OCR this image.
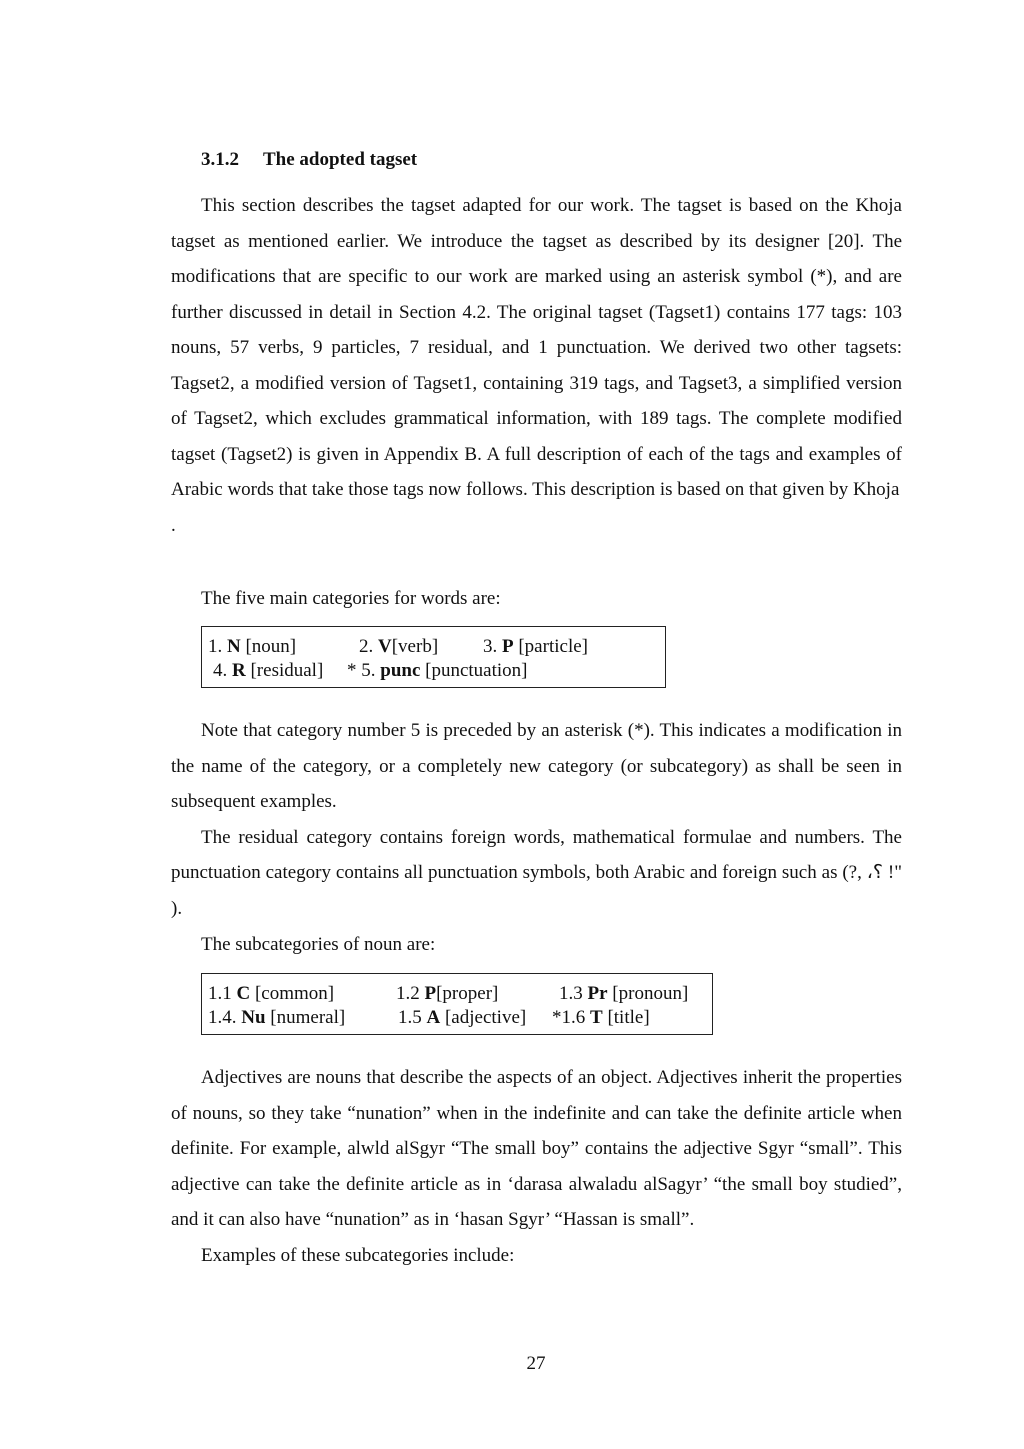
3.1.2 The adopted tagset

This section describes the tagset adapted for our work. The tagset is based on the Khoja tagset as mentioned earlier. We introduce the tagset as described by its designer [20]. The modifications that are specific to our work are marked using an asterisk symbol (*), and are further discussed in detail in Section 4.2. The original tagset (Tagset1) contains 177 tags: 103 nouns, 57 verbs, 9 particles, 7 residual, and 1 punctuation. We derived two other tagsets: Tagset2, a modified version of Tagset1, containing 319 tags, and Tagset3, a simplified version of Tagset2, which excludes grammatical information, with 189 tags. The complete modified tagset (Tagset2) is given in Appendix B. A full description of each of the tags and examples of Arabic words that take those tags now follows. This description is based on that given by Khoja

.

The five main categories for words are:
1. N [noun]	2. V[verb] 3. P [particle]
4. R [residual] * 5. punc [punctuation]

Note that category number 5 is preceded by an asterisk (*). This indicates a modification in the name of the category, or a completely new category (or subcategory) as shall be seen in subsequent examples.

The residual category contains foreign words, mathematical formulae and numbers. The punctuation category contains all punctuation symbols, both Arabic and foreign such as (?, ،؟ !" ).

The subcategories of noun are:
1.1 C [common]	1.2 P[proper]	1.3 Pr [pronoun]
1.4. Nu [numeral]	1.5 A [adjective] *1.6 T [title]

Adjectives are nouns that describe the aspects of an object. Adjectives inherit the properties of nouns, so they take “nunation” when in the indefinite and can take the definite article when definite. For example, alwld alSgyr “The small boy” contains the adjective Sgyr “small”. This adjective can take the definite article as in ‘darasa alwaladu alSagyr’ “the small boy studied”, and it can also have “nunation” as in ‘hasan Sgyr’ “Hassan is small”.

Examples of these subcategories include:

27
